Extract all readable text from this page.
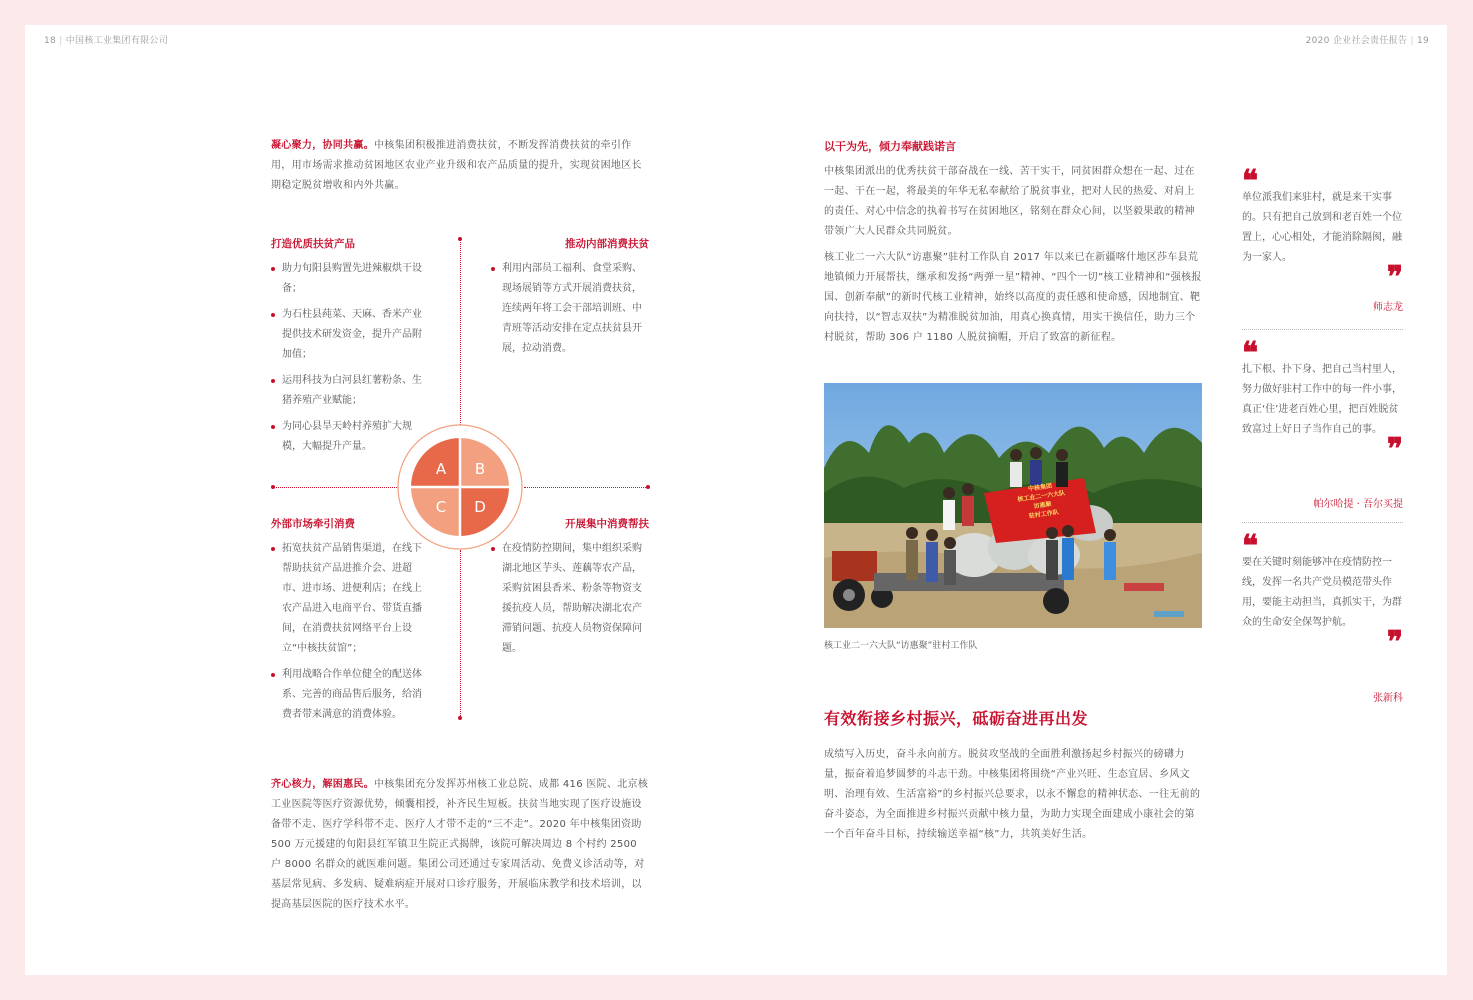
18 | 中国核工业集团有限公司	2020 企业社会责任报告 | 19
凝心聚力，协同共赢。中核集团积极推进消费扶贫，不断发挥消费扶贫的牵引作用，用市场需求推动贫困地区农业产业升级和农产品质量的提升，实现贫困地区长期稳定脱贫增收和内外共赢。
A B
C D
打造优质扶贫产品
助力旬阳县购置先进辣椒烘干设备；
为石柱县莼菜、天麻、香米产业提供技术研发资金，提升产品附加值；
运用科技为白河县红薯粉条、生猪养殖产业赋能；
为同心县旱天岭村养殖扩大规模，大幅提升产量。
推动内部消费扶贫
利用内部员工福利、食堂采购、现场展销等方式开展消费扶贫，连续两年将工会干部培训班、中青班等活动安排在定点扶贫县开展，拉动消费。
外部市场牵引消费
拓宽扶贫产品销售渠道，在线下帮助扶贫产品进推介会、进超市、进市场、进便利店；在线上农产品进入电商平台、带货直播间，在消费扶贫网络平台上设立“中核扶贫馆”；
利用战略合作单位健全的配送体系、完善的商品售后服务，给消费者带来满意的消费体验。
开展集中消费帮扶
在疫情防控期间，集中组织采购湖北地区芋头、莲藕等农产品，采购贫困县香米、粉条等物资支援抗疫人员，帮助解决湖北农产滞销问题、抗疫人员物资保障问题。
齐心核力，解困惠民。中核集团充分发挥苏州核工业总院、成都 416 医院、北京核工业医院等医疗资源优势，倾囊相授，补齐民生短板。扶贫当地实现了医疗设施设备带不走、医疗学科带不走、医疗人才带不走的“三不走”。2020 年中核集团资助 500 万元援建的旬阳县红军镇卫生院正式揭牌，该院可解决周边 8 个村约 2500 户 8000 名群众的就医难问题。集团公司还通过专家周活动、免费义诊活动等，对基层常见病、多发病、疑难病症开展对口诊疗服务，开展临床教学和技术培训，以提高基层医院的医疗技术水平。
以干为先，倾力奉献践诺言
中核集团派出的优秀扶贫干部奋战在一线、苦干实干，同贫困群众想在一起、过在一起、干在一起，将最美的年华无私奉献给了脱贫事业，把对人民的热爱、对肩上的责任、对心中信念的执着书写在贫困地区，铭刻在群众心间，以坚毅果敢的精神带领广大人民群众共同脱贫。
核工业二一六大队“访惠聚”驻村工作队自 2017 年以来已在新疆喀什地区莎车县荒地镇倾力开展帮扶，继承和发扬“两弹一星”精神、“四个一切”核工业精神和“强核报国、创新奉献”的新时代核工业精神，始终以高度的责任感和使命感，因地制宜、靶向扶持，以“智志双扶”为精准脱贫加油，用真心换真情，用实干换信任，助力三个村脱贫，帮助 306 户 1180 人脱贫摘帽，开启了致富的新征程。
中核集团
核工业二一六大队
访惠聚
驻村工作队
核工业二一六大队“访惠聚”驻村工作队
有效衔接乡村振兴，砥砺奋进再出发
成绩写入历史，奋斗永向前方。脱贫攻坚战的全面胜利激扬起乡村振兴的磅礴力量，振奋着追梦圆梦的斗志干劲。中核集团将围绕“产业兴旺、生态宜居、乡风文明、治理有效、生活富裕”的乡村振兴总要求，以永不懈怠的精神状态、一往无前的奋斗姿态，为全面推进乡村振兴贡献中核力量，为助力实现全面建成小康社会的第一个百年奋斗目标，持续输送幸福“核”力，共筑美好生活。
❝
单位派我们来驻村，就是来干实事的。只有把自己放到和老百姓一个位置上，心心相处，才能消除隔阂，融为一家人。
❞
师志龙
❝
扎下根、扑下身、把自己当村里人，努力做好驻村工作中的每一件小事，真正‘住’进老百姓心里，把百姓脱贫致富过上好日子当作自己的事。
❞
帕尔哈提 · 吾尔买提
❝
要在关键时刻能够冲在疫情防控一线，发挥一名共产党员模范带头作用，要能主动担当，真抓实干，为群众的生命安全保驾护航。
❞
张新科
